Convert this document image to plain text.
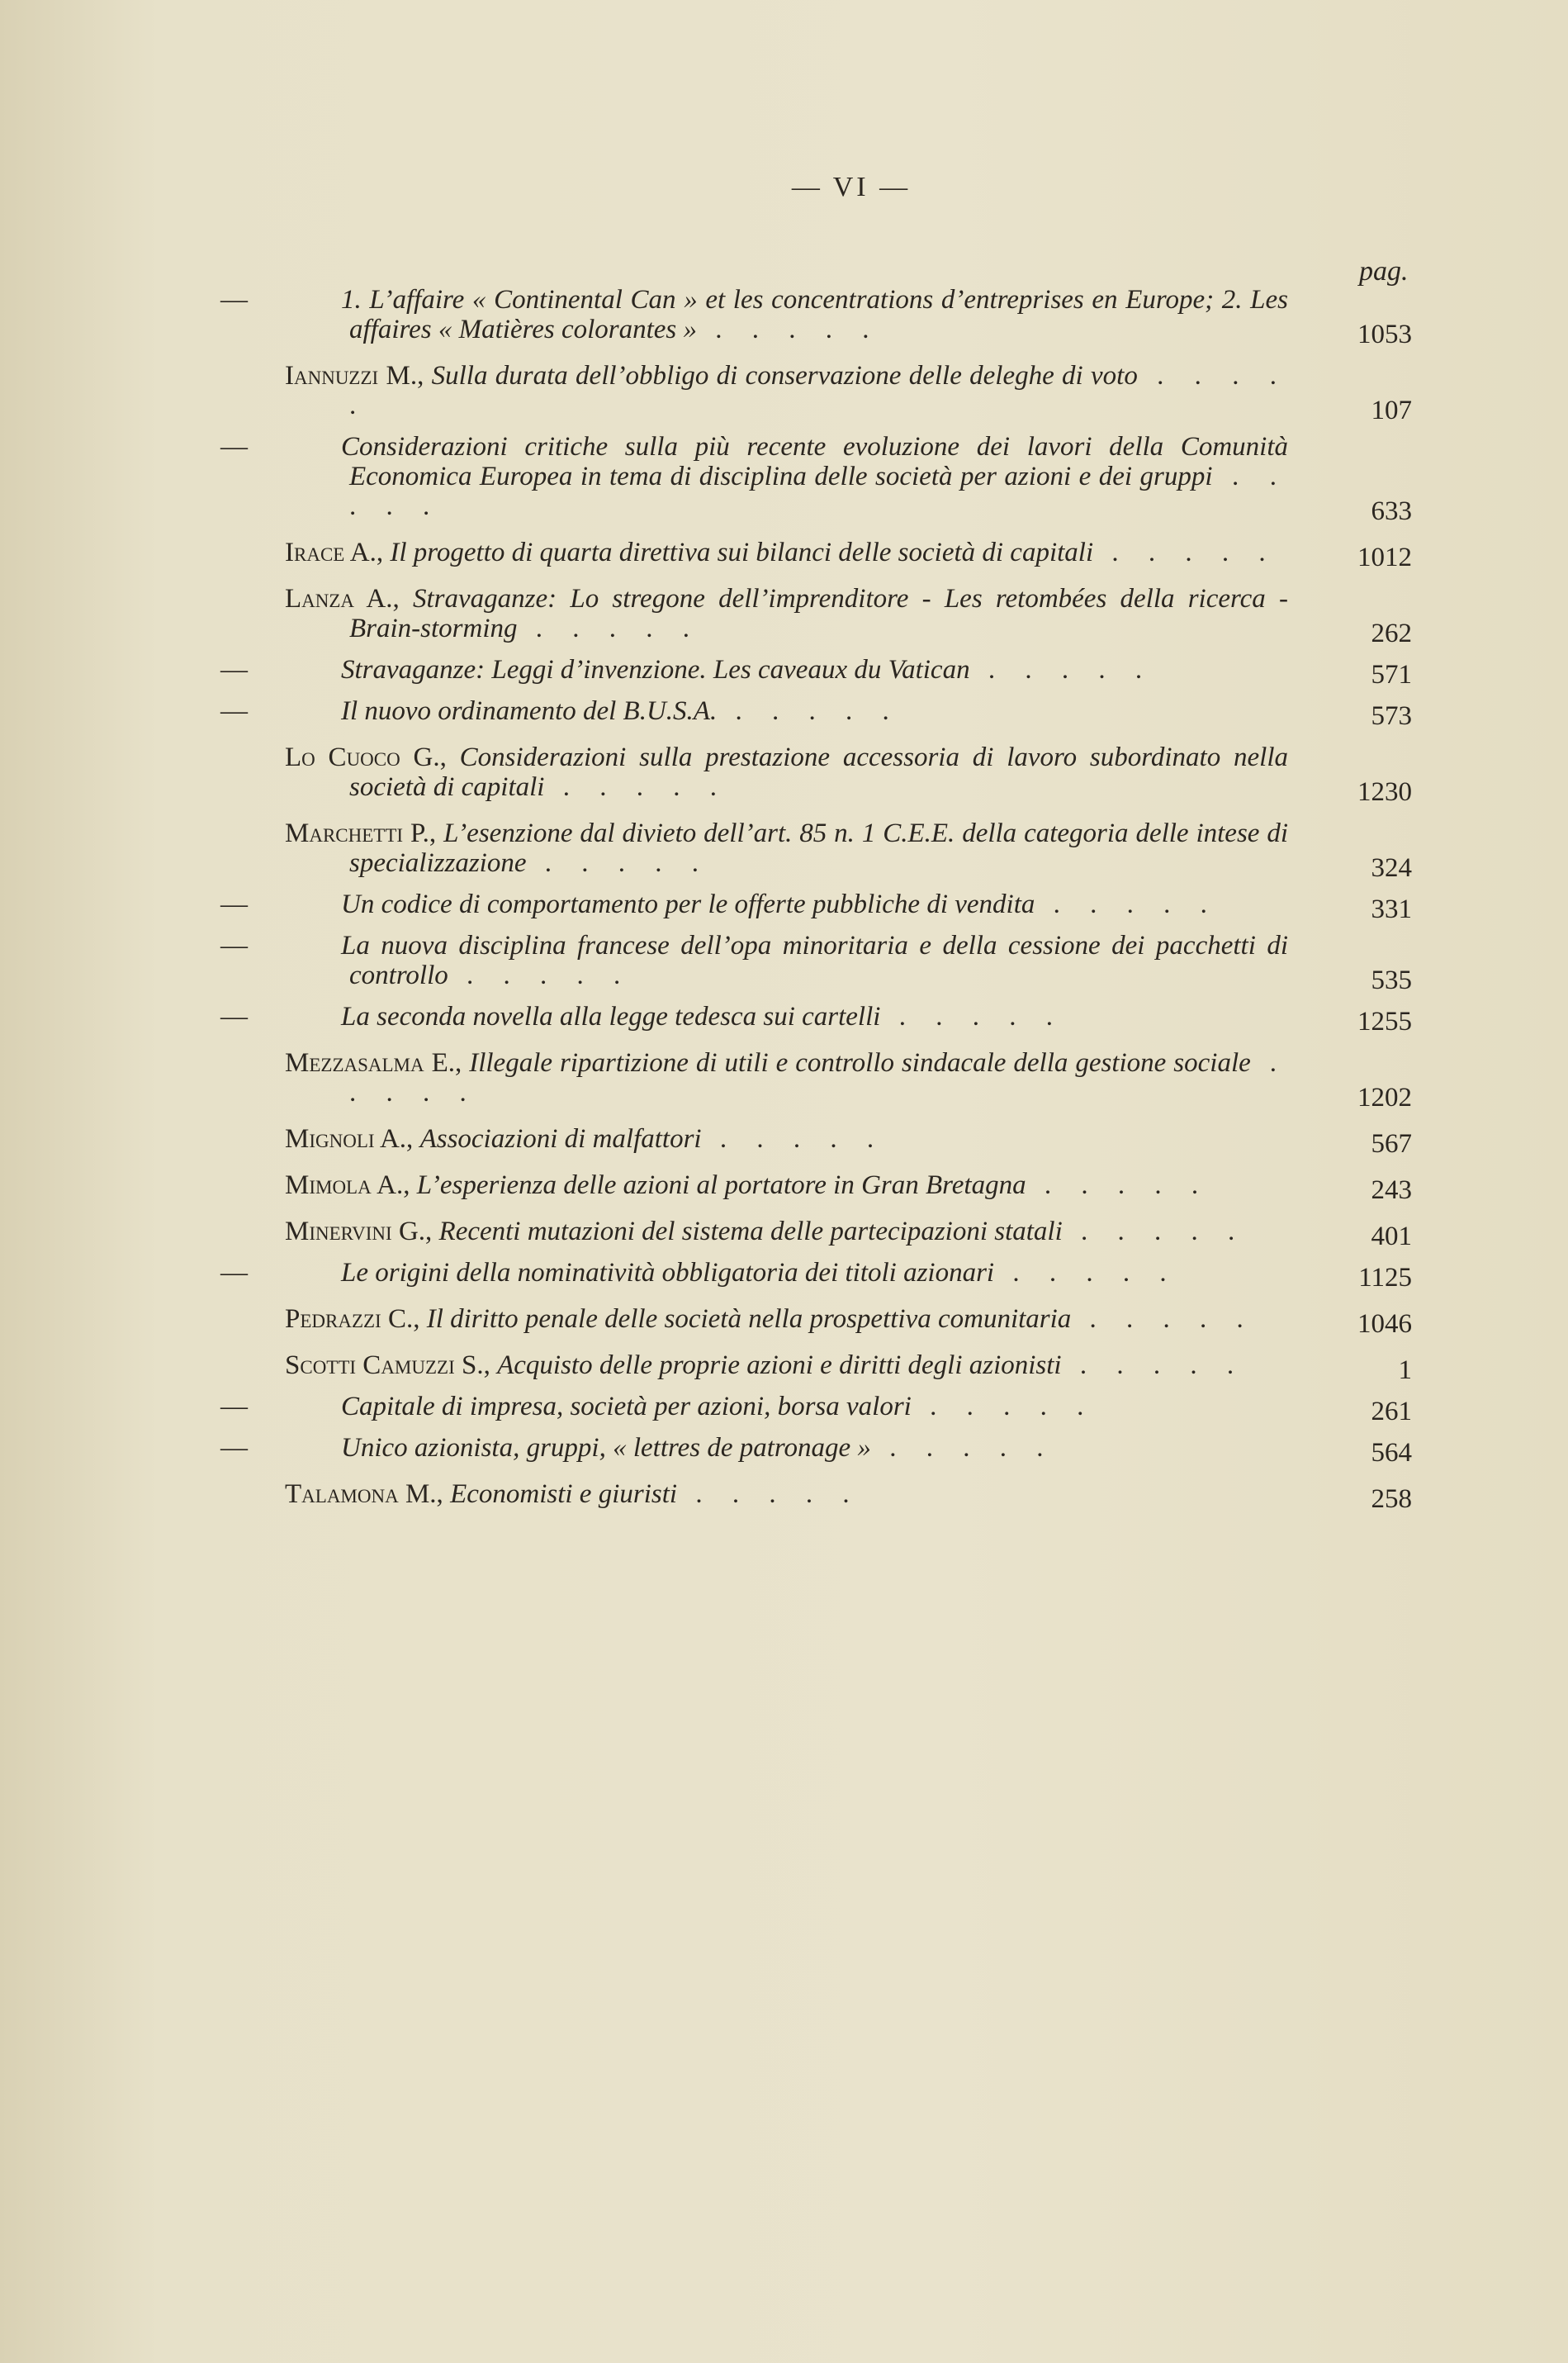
— VI —
pag.
—	1. L’affaire « Continental Can » et les concentrations d’entreprises en Europe; 2. Les affaires « Matières colorantes » . . . . .	1053
Iannuzzi M., Sulla durata dell’obbligo di conservazione delle deleghe di voto . . . . .	107
—	Considerazioni critiche sulla più recente evoluzione dei lavori della Comunità Economica Europea in tema di disciplina delle società per azioni e dei gruppi . . . . .	633
Irace A., Il progetto di quarta direttiva sui bilanci delle società di capitali . . . . .	1012
Lanza A., Stravaganze: Lo stregone dell’imprenditore - Les retombées della ricerca - Brain-storming . . . . .	262
—	Stravaganze: Leggi d’invenzione. Les caveaux du Vatican . . . . .	571
—	Il nuovo ordinamento del B.U.S.A. . . . . .	573
Lo Cuoco G., Considerazioni sulla prestazione accessoria di lavoro subordinato nella società di capitali . . . . .	1230
Marchetti P., L’esenzione dal divieto dell’art. 85 n. 1 C.E.E. della categoria delle intese di specializzazione . . . . .	324
—	Un codice di comportamento per le offerte pubbliche di vendita . . . . .	331
—	La nuova disciplina francese dell’opa minoritaria e della cessione dei pacchetti di controllo . . . . .	535
—	La seconda novella alla legge tedesca sui cartelli . . . . .	1255
Mezzasalma E., Illegale ripartizione di utili e controllo sindacale della gestione sociale . . . . .	1202
Mignoli A., Associazioni di malfattori . . . . .	567
Mimola A., L’esperienza delle azioni al portatore in Gran Bretagna . . . . .	243
Minervini G., Recenti mutazioni del sistema delle partecipazioni statali . . . . .	401
—	Le origini della nominatività obbligatoria dei titoli azionari . . . . .	1125
Pedrazzi C., Il diritto penale delle società nella prospettiva comunitaria . . . . .	1046
Scotti Camuzzi S., Acquisto delle proprie azioni e diritti degli azionisti . . . . .	1
—	Capitale di impresa, società per azioni, borsa valori . . . . .	261
—	Unico azionista, gruppi, « lettres de patronage » . . . . .	564
Talamona M., Economisti e giuristi . . . . .	258
